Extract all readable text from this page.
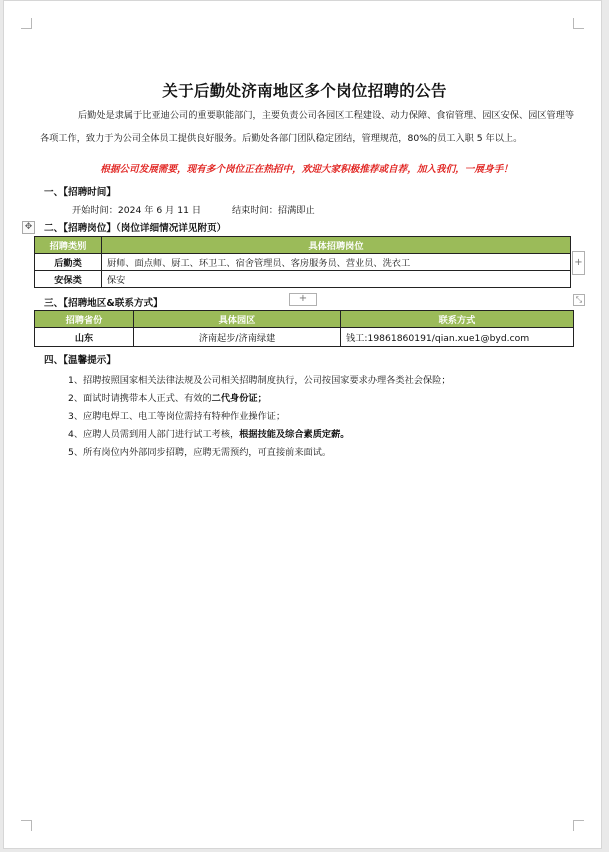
关于后勤处济南地区多个岗位招聘的公告
后勤处是隶属于比亚迪公司的重要职能部门，主要负责公司各园区工程建设、动力保障、食宿管理、园区安保、园区管理等各项工作，致力于为公司全体员工提供良好服务。后勤处各部门团队稳定团结，管理规范，80%的员工入职 5 年以上。
根据公司发展需要，现有多个岗位正在热招中，欢迎大家积极推荐或自荐，加入我们，一展身手！
一、【招聘时间】
开始时间：2024 年 6 月 11 日	结束时间：招满即止
✥ 二、【招聘岗位】（岗位详细情况详见附页）
招聘类别	具体招聘岗位
后勤类	厨师、面点师、厨工、环卫工、宿舍管理员、客房服务员、营业员、洗衣工
安保类	保安
+
三、【招聘地区&联系方式】	+	⤡
招聘省份	具体园区	联系方式
山东	济南起步/济南绿建	钱工:19861860191/qian.xue1@byd.com
四、【温馨提示】
1、招聘按照国家相关法律法规及公司相关招聘制度执行，公司按国家要求办理各类社会保险；
2、面试时请携带本人正式、有效的二代身份证；
3、应聘电焊工、电工等岗位需持有特种作业操作证；
4、应聘人员需到用人部门进行试工考核，根据技能及综合素质定薪。
5、所有岗位内外部同步招聘，应聘无需预约，可直接前来面试。
